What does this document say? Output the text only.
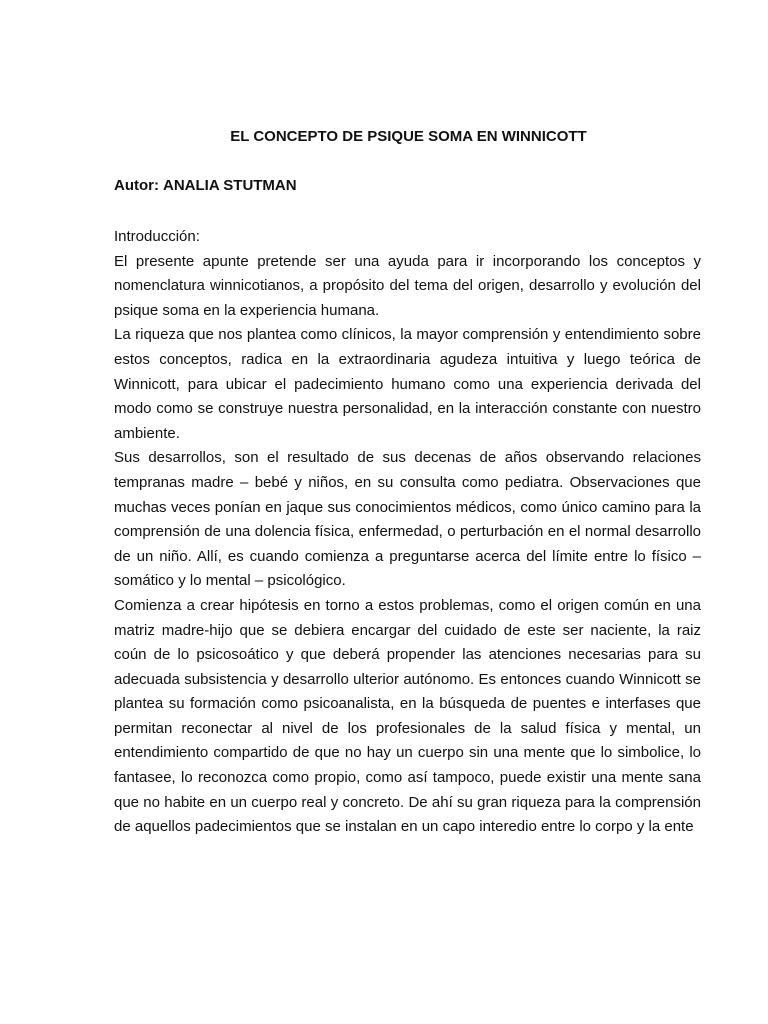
EL CONCEPTO DE PSIQUE SOMA EN WINNICOTT
Autor: ANALIA STUTMAN
Introducción:

El presente apunte pretende ser una ayuda para ir incorporando los conceptos y nomenclatura winnicotianos, a propósito del tema del origen, desarrollo y evolución del psique soma en la experiencia humana.

La riqueza que nos plantea como clínicos, la mayor comprensión y entendimiento sobre estos conceptos, radica en la extraordinaria agudeza intuitiva y luego teórica de Winnicott, para ubicar el padecimiento humano como una experiencia derivada del modo como se construye nuestra personalidad, en la interacción constante con nuestro ambiente.

Sus desarrollos, son el resultado de sus decenas de años observando relaciones tempranas madre – bebé y niños, en su consulta como pediatra. Observaciones que muchas veces ponían en jaque sus conocimientos médicos, como único camino para la comprensión de una dolencia física, enfermedad, o perturbación en el normal desarrollo de un niño. Allí, es cuando comienza a preguntarse acerca del límite entre lo físico – somático y lo mental – psicológico.

Comienza a crear hipótesis en torno a estos problemas, como el origen común en una matriz madre-hijo que se debiera encargar del cuidado de este ser naciente, la raiz coún de lo psicosoático y que deberá propender las atenciones necesarias para su adecuada subsistencia y desarrollo ulterior autónomo. Es entonces cuando Winnicott se plantea su formación como psicoanalista, en la búsqueda de puentes e interfases que permitan reconectar al nivel de los profesionales de la salud física y mental, un entendimiento compartido de que no hay un cuerpo sin una mente que lo simbolice, lo fantasee, lo reconozca como propio, como así tampoco, puede existir una mente sana que no habite en un cuerpo real y concreto. De ahí su gran riqueza para la comprensión de aquellos padecimientos que se instalan en un capo interedio entre lo corpo y la ente
